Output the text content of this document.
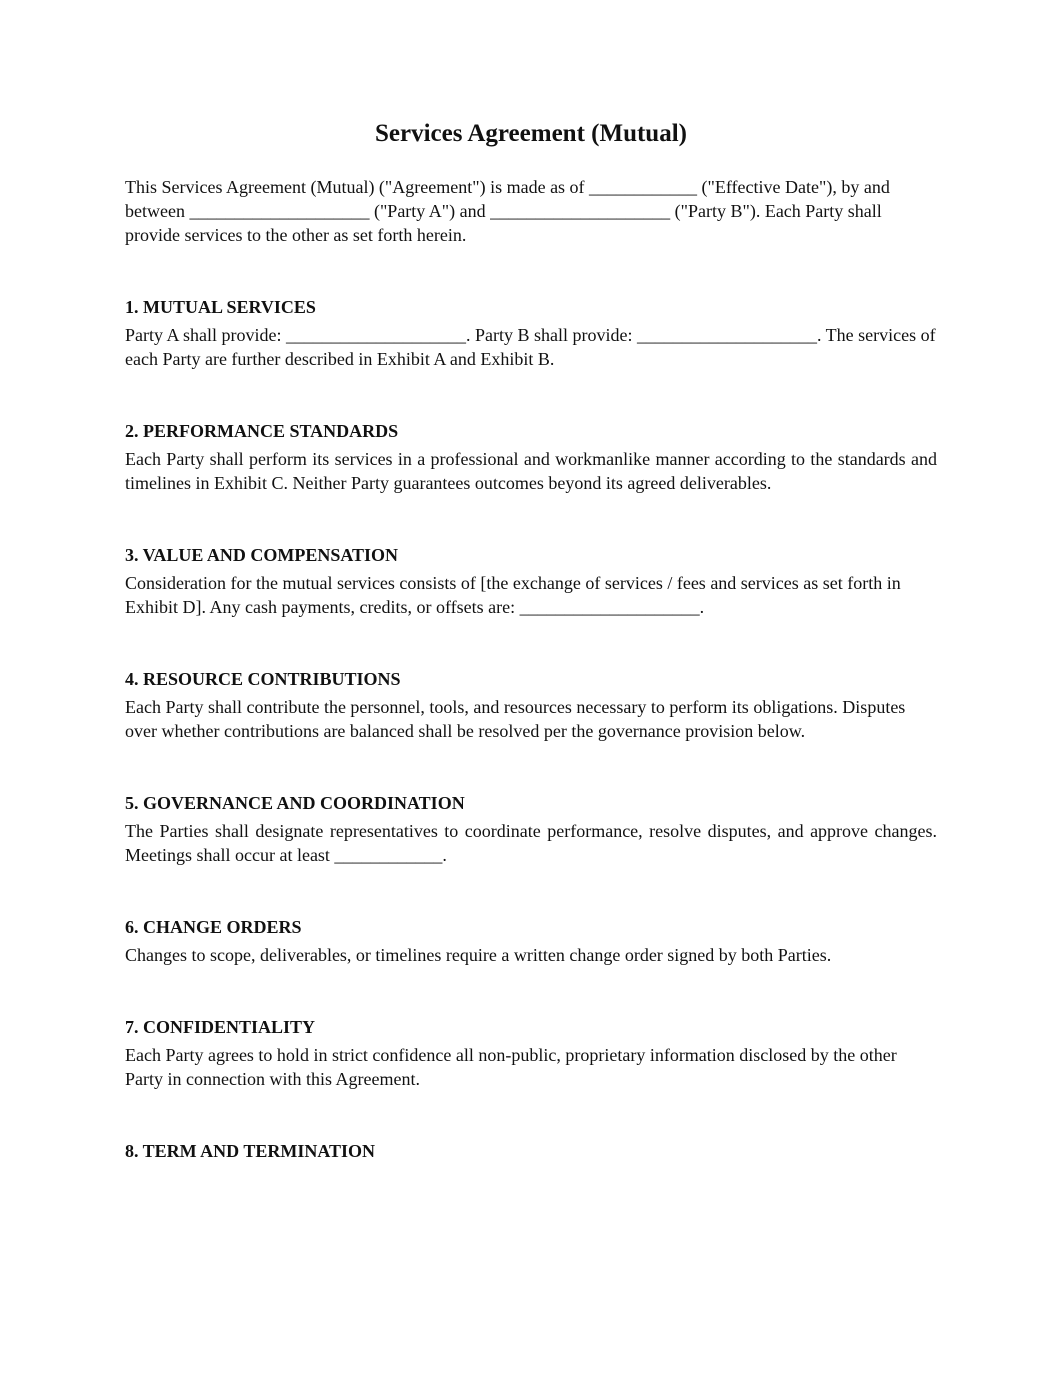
Services Agreement (Mutual)

This Services Agreement (Mutual) ("Agreement") is made as of ____________ ("Effective Date"), by and between ____________________ ("Party A") and ____________________ ("Party B"). Each Party shall provide services to the other as set forth herein.

1. MUTUAL SERVICES

Party A shall provide: ____________________. Party B shall provide: ____________________. The services of each Party are further described in Exhibit A and Exhibit B.

2. PERFORMANCE STANDARDS

Each Party shall perform its services in a professional and workmanlike manner according to the standards and timelines in Exhibit C. Neither Party guarantees outcomes beyond its agreed deliverables.

3. VALUE AND COMPENSATION

Consideration for the mutual services consists of [the exchange of services / fees and services as set forth in Exhibit D]. Any cash payments, credits, or offsets are: ____________________.

4. RESOURCE CONTRIBUTIONS

Each Party shall contribute the personnel, tools, and resources necessary to perform its obligations. Disputes over whether contributions are balanced shall be resolved per the governance provision below.

5. GOVERNANCE AND COORDINATION

The Parties shall designate representatives to coordinate performance, resolve disputes, and approve changes. Meetings shall occur at least ____________.

6. CHANGE ORDERS

Changes to scope, deliverables, or timelines require a written change order signed by both Parties.

7. CONFIDENTIALITY

Each Party agrees to hold in strict confidence all non-public, proprietary information disclosed by the other Party in connection with this Agreement.

8. TERM AND TERMINATION
